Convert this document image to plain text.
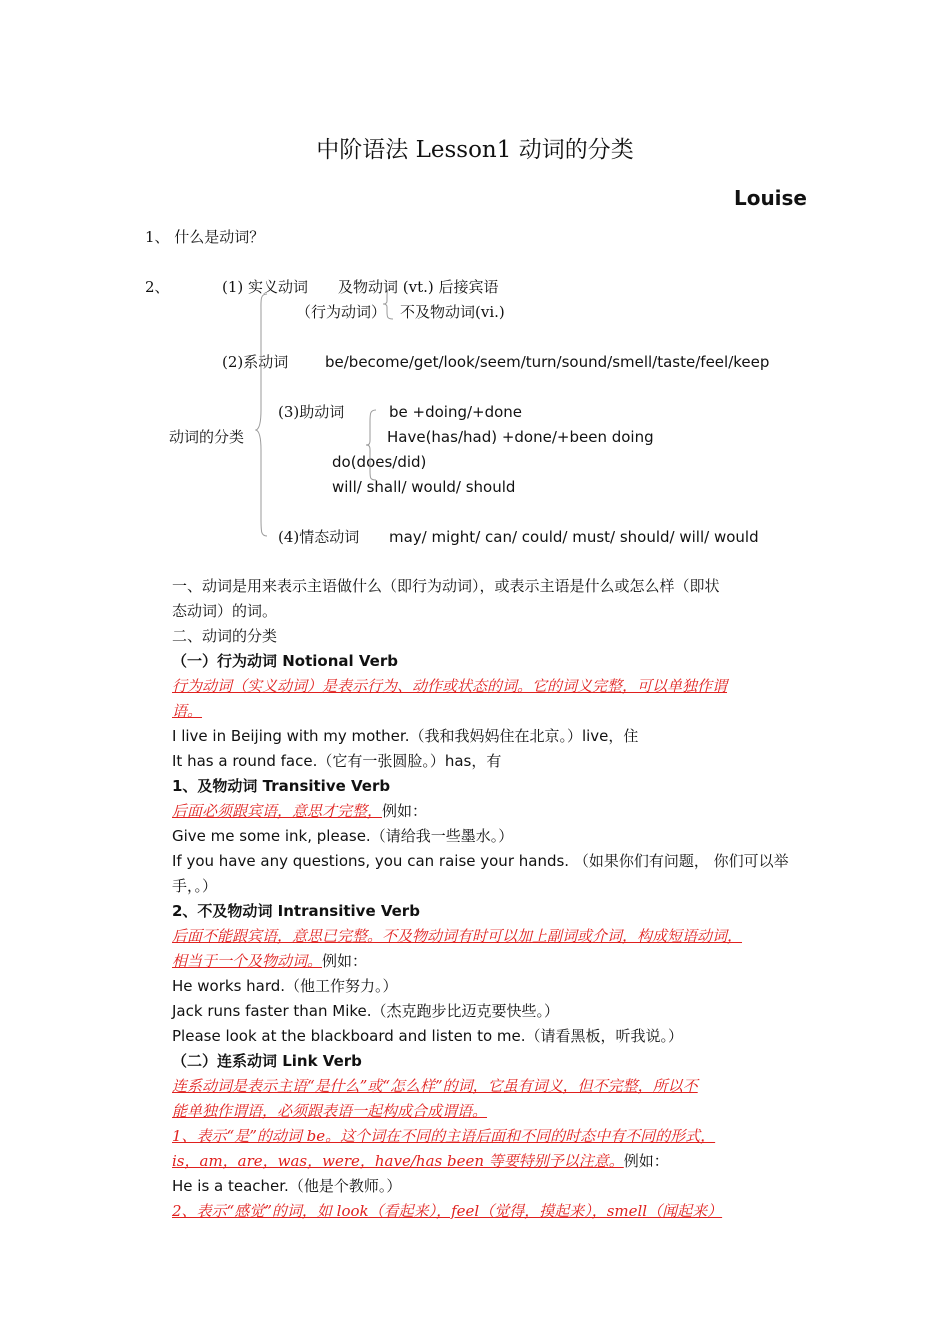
中阶语法 Lesson1 动词的分类
Louise
1、 什么是动词？
2、	(1) 实义动词
（行为动词）
及物动词 (vt.) 后接宾语
不及物动词(vi.)
(2)系动词 be/become/get/look/seem/turn/sound/smell/taste/feel/keep
(3)助动词	be +doing/+done
Have(has/had) +done/+been doing
do(does/did)
will/ shall/ would/ should
动词的分类
(4)情态动词 may/ might/ can/ could/ must/ should/ will/ would
一、动词是用来表示主语做什么（即行为动词），或表示主语是什么或怎么样（即状
态动词）的词。
二、动词的分类
（一）行为动词 Notional Verb
行为动词（实义动词）是表示行为、动作或状态的词。它的词义完整，可以单独作谓
语。
I live in Beijing with my mother.（我和我妈妈住在北京。）live，住
It has a round face.（它有一张圆脸。）has，有
1、及物动词 Transitive Verb
后面必须跟宾语，意思才完整，例如：
Give me some ink, please.（请给我一些墨水。）
If you have any questions, you can raise your hands. （如果你们有问题， 你们可以举
手，。）
2、不及物动词 Intransitive Verb
后面不能跟宾语，意思已完整。不及物动词有时可以加上副词或介词，构成短语动词，
相当于一个及物动词。例如：
He works hard.（他工作努力。）
Jack runs faster than Mike.（杰克跑步比迈克要快些。）
Please look at the blackboard and listen to me.（请看黑板，听我说。）
（二）连系动词 Link Verb
连系动词是表示主语“是什么”或“怎么样”的词，它虽有词义，但不完整，所以不
能单独作谓语，必须跟表语一起构成合成谓语。
1、表示“是”的动词 be。这个词在不同的主语后面和不同的时态中有不同的形式，
is，am，are，was，were，have/has been 等要特别予以注意。例如：
He is a teacher.（他是个教师。）
2、表示“感觉”的词，如 look（看起来），feel（觉得，摸起来），smell（闻起来）
